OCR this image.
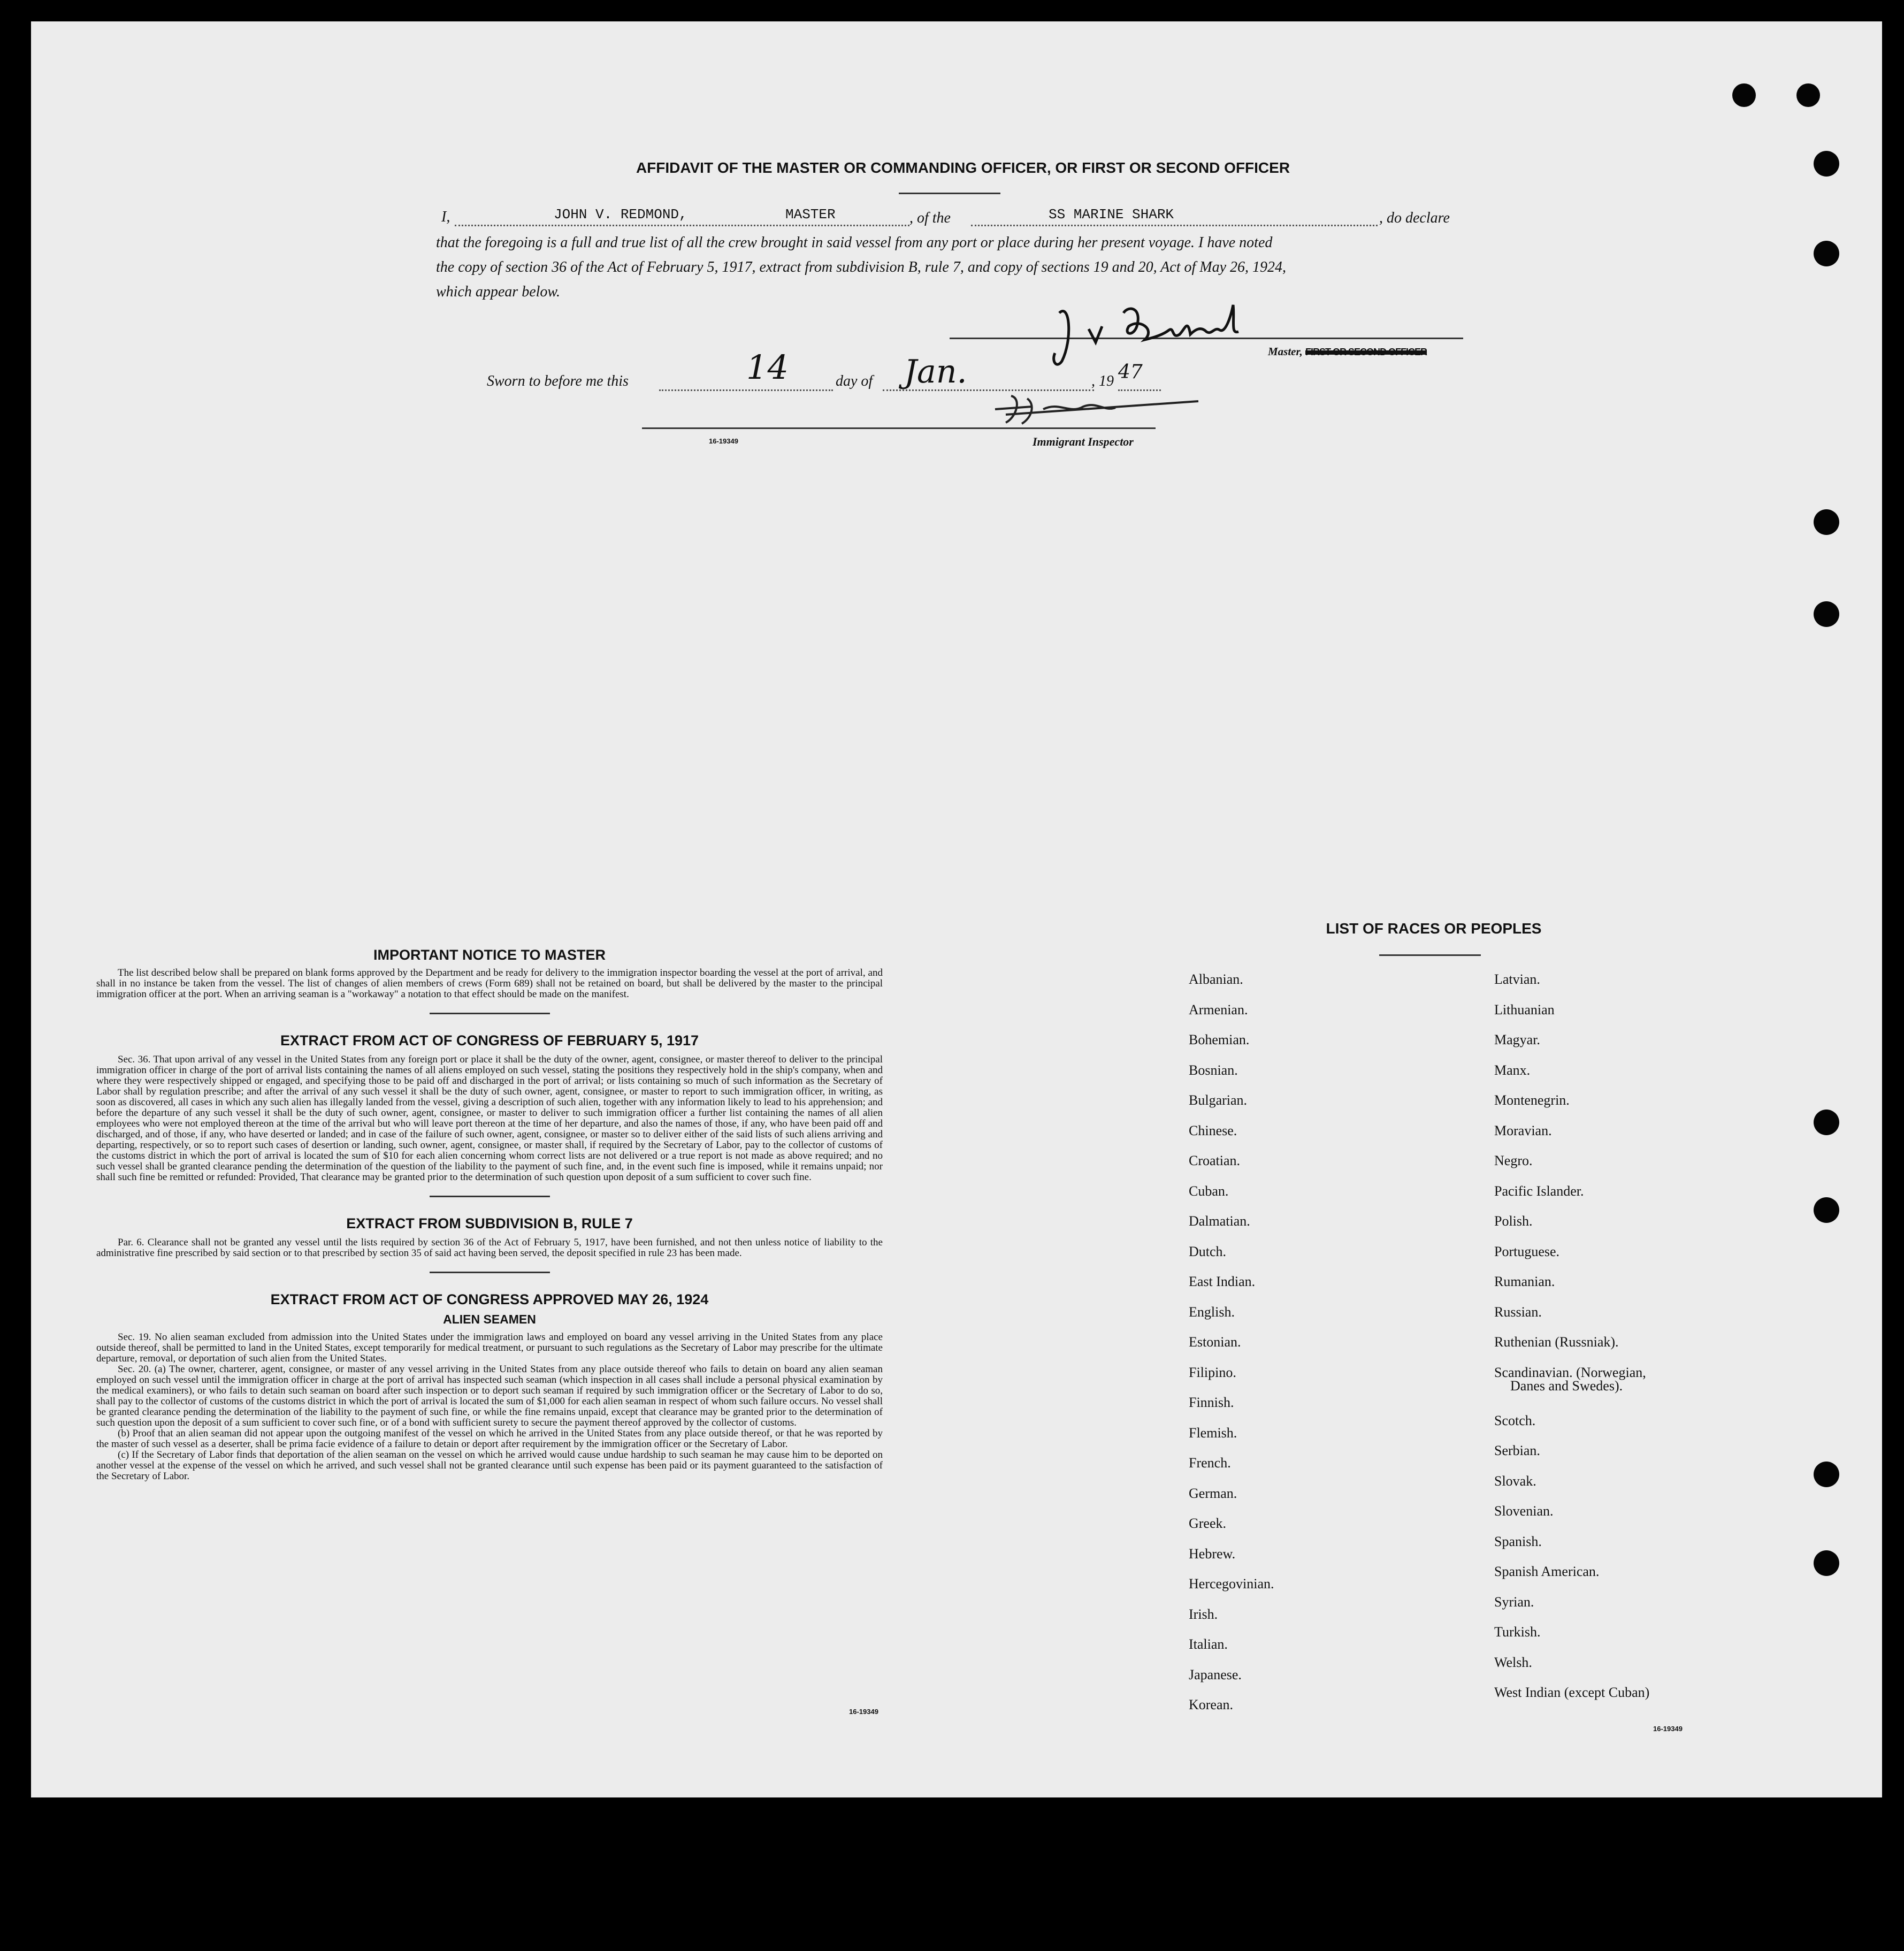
AFFIDAVIT OF THE MASTER OR COMMANDING OFFICER, OR FIRST OR SECOND OFFICER
I,	JOHN V. REDMOND,	MASTER	, of the	SS MARINE SHARK	, do declare
that the foregoing is a full and true list of all the crew brought in said vessel from any port or place during her present voyage. I have noted
the copy of section 36 of the Act of February 5, 1917, extract from subdivision B, rule 7, and copy of sections 19 and 20, Act of May 26, 1924,
which appear below.
Master, FIRST OR SECOND OFFICER
Sworn to before me this	14	day of Jan.	, 19 47
16-19349	Immigrant Inspector
IMPORTANT NOTICE TO MASTER

The list described below shall be prepared on blank forms approved by the Department and be ready for delivery to the immigration inspector boarding the vessel at the port of arrival, and shall in no instance be taken from the vessel. The list of changes of alien members of crews (Form 689) shall not be retained on board, but shall be delivered by the master to the principal immigration officer at the port. When an arriving seaman is a "workaway" a notation to that effect should be made on the manifest.

EXTRACT FROM ACT OF CONGRESS OF FEBRUARY 5, 1917

Sec. 36. That upon arrival of any vessel in the United States from any foreign port or place it shall be the duty of the owner, agent, consignee, or master thereof to deliver to the principal immigration officer in charge of the port of arrival lists containing the names of all aliens employed on such vessel, stating the positions they respectively hold in the ship's company, when and where they were respectively shipped or engaged, and specifying those to be paid off and discharged in the port of arrival; or lists containing so much of such information as the Secretary of Labor shall by regulation prescribe; and after the arrival of any such vessel it shall be the duty of such owner, agent, consignee, or master to report to such immigration officer, in writing, as soon as discovered, all cases in which any such alien has illegally landed from the vessel, giving a description of such alien, together with any information likely to lead to his apprehension; and before the departure of any such vessel it shall be the duty of such owner, agent, consignee, or master to deliver to such immigration officer a further list containing the names of all alien employees who were not employed thereon at the time of the arrival but who will leave port thereon at the time of her departure, and also the names of those, if any, who have been paid off and discharged, and of those, if any, who have deserted or landed; and in case of the failure of such owner, agent, consignee, or master so to deliver either of the said lists of such aliens arriving and departing, respectively, or so to report such cases of desertion or landing, such owner, agent, consignee, or master shall, if required by the Secretary of Labor, pay to the collector of customs of the customs district in which the port of arrival is located the sum of $10 for each alien concerning whom correct lists are not delivered or a true report is not made as above required; and no such vessel shall be granted clearance pending the determination of the question of the liability to the payment of such fine, and, in the event such fine is imposed, while it remains unpaid; nor shall such fine be remitted or refunded: Provided, That clearance may be granted prior to the determination of such question upon deposit of a sum sufficient to cover such fine.

EXTRACT FROM SUBDIVISION B, RULE 7

Par. 6. Clearance shall not be granted any vessel until the lists required by section 36 of the Act of February 5, 1917, have been furnished, and not then unless notice of liability to the administrative fine prescribed by said section or to that prescribed by section 35 of said act having been served, the deposit specified in rule 23 has been made.

EXTRACT FROM ACT OF CONGRESS APPROVED MAY 26, 1924
ALIEN SEAMEN

Sec. 19. No alien seaman excluded from admission into the United States under the immigration laws and employed on board any vessel arriving in the United States from any place outside thereof, shall be permitted to land in the United States, except temporarily for medical treatment, or pursuant to such regulations as the Secretary of Labor may prescribe for the ultimate departure, removal, or deportation of such alien from the United States.

Sec. 20. (a) The owner, charterer, agent, consignee, or master of any vessel arriving in the United States from any place outside thereof who fails to detain on board any alien seaman employed on such vessel until the immigration officer in charge at the port of arrival has inspected such seaman (which inspection in all cases shall include a personal physical examination by the medical examiners), or who fails to detain such seaman on board after such inspection or to deport such seaman if required by such immigration officer or the Secretary of Labor to do so, shall pay to the collector of customs of the customs district in which the port of arrival is located the sum of $1,000 for each alien seaman in respect of whom such failure occurs. No vessel shall be granted clearance pending the determination of the liability to the payment of such fine, or while the fine remains unpaid, except that clearance may be granted prior to the determination of such question upon the deposit of a sum sufficient to cover such fine, or of a bond with sufficient surety to secure the payment thereof approved by the collector of customs.

(b) Proof that an alien seaman did not appear upon the outgoing manifest of the vessel on which he arrived in the United States from any place outside thereof, or that he was reported by the master of such vessel as a deserter, shall be prima facie evidence of a failure to detain or deport after requirement by the immigration officer or the Secretary of Labor.

(c) If the Secretary of Labor finds that deportation of the alien seaman on the vessel on which he arrived would cause undue hardship to such seaman he may cause him to be deported on another vessel at the expense of the vessel on which he arrived, and such vessel shall not be granted clearance until such expense has been paid or its payment guaranteed to the satisfaction of the Secretary of Labor.

16-19349
LIST OF RACES OR PEOPLES
Albanian.
Armenian.
Bohemian.
Bosnian.
Bulgarian.
Chinese.
Croatian.
Cuban.
Dalmatian.
Dutch.
East Indian.
English.
Estonian.
Filipino.
Finnish.
Flemish.
French.
German.
Greek.
Hebrew.
Hercegovinian.
Irish.
Italian.
Japanese.
Korean.
Latvian.
Lithuanian
Magyar.
Manx.
Montenegrin.
Moravian.
Negro.
Pacific Islander.
Polish.
Portuguese.
Rumanian.
Russian.
Ruthenian (Russniak).
Scandinavian. (Norwegian,
Danes and Swedes).
Scotch.
Serbian.
Slovak.
Slovenian.
Spanish.
Spanish American.
Syrian.
Turkish.
Welsh.
West Indian (except Cuban)
16-19349
